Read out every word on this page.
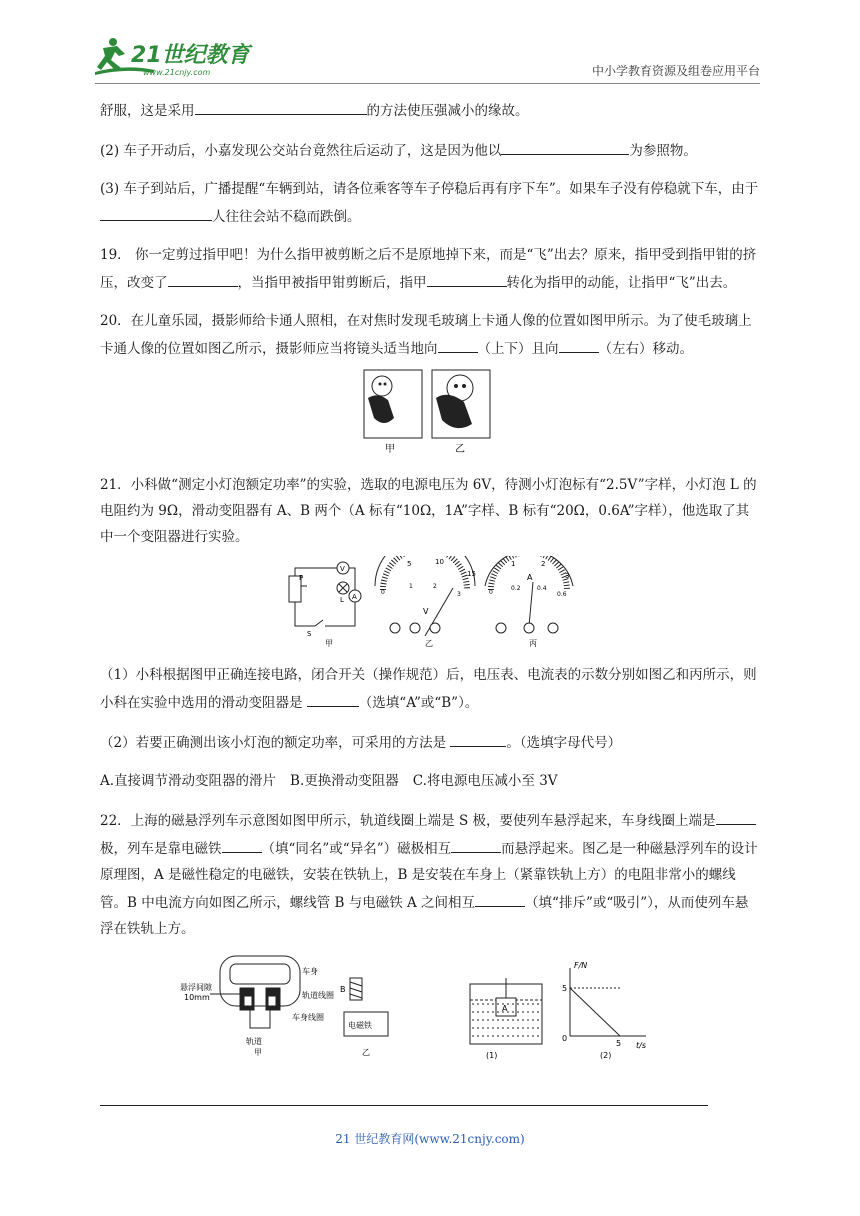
21世纪教育
www.21cnjy.com	中小学教育资源及组卷应用平台

舒服，这是采用	的方法使压强减小的缘故。

(2) 车子开动后，小嘉发现公交站台竟然往后运动了，这是因为他以	为参照物。

(3) 车子到站后，广播提醒“车辆到站，请各位乘客等车子停稳后再有序下车”。如果车子没有停稳就下车，由于人往往会站不稳而跌倒。

19． 你一定剪过指甲吧！为什么指甲被剪断之后不是原地掉下来，而是“飞”出去？原来，指甲受到指甲钳的挤压，改变了	，当指甲被指甲钳剪断后，指甲	转化为指甲的动能，让指甲“飞”出去。

20．在儿童乐园，摄影师给卡通人照相，在对焦时发现毛玻璃上卡通人像的位置如图甲所示。为了使毛玻璃上卡通人像的位置如图乙所示，摄影师应当将镜头适当地向	（上下）且向	（左右）移动。

甲	乙

21．小科做“测定小灯泡额定功率”的实验，选取的电源电压为 6V，待测小灯泡标有“2.5V”字样，小灯泡 L 的电阻约为 9Ω，滑动变阻器有 A、B 两个（A 标有“10Ω，1A”字样、B 标有“20Ω，0.6A”字样），他选取了其中一个变阻器进行实验。

P
V
L A
S
甲
5	10
15
0
1	2
3
V
乙
1	2
3
0
0.2	0.4
0.6
A
丙

（1）小科根据图甲正确连接电路，闭合开关（操作规范）后，电压表、电流表的示数分别如图乙和丙所示，则小科在实验中选用的滑动变阻器是	（选填“A”或“B”）。

（2）若要正确测出该小灯泡的额定功率，可采用的方法是	。（选填字母代号）

A.直接调节滑动变阻器的滑片 B.更换滑动变阻器 C.将电源电压减小至 3V

22．上海的磁悬浮列车示意图如图甲所示，轨道线圈上端是 S 极，要使列车悬浮起来，车身线圈上端是极，列车是靠电磁铁	（填“同名”或“异名”）磁极相互	而悬浮起来。图乙是一种磁悬浮列车的设计原理图，A 是磁性稳定的电磁铁，安装在铁轨上，B 是安装在车身上（紧靠铁轨上方）的电阻非常小的螺线管。B 中电流方向如图乙所示，螺线管 B 与电磁铁 A 之间相互	（填“排斥”或“吸引”），从而使列车悬浮在铁轨上方。

悬浮间隙
10mm
车身
轨道线圈
车身线圈
轨道
甲
B
电磁铁
乙
A
(1)
F/N
5
0
5 t/s
(2)
21 世纪教育网(www.21cnjy.com)
